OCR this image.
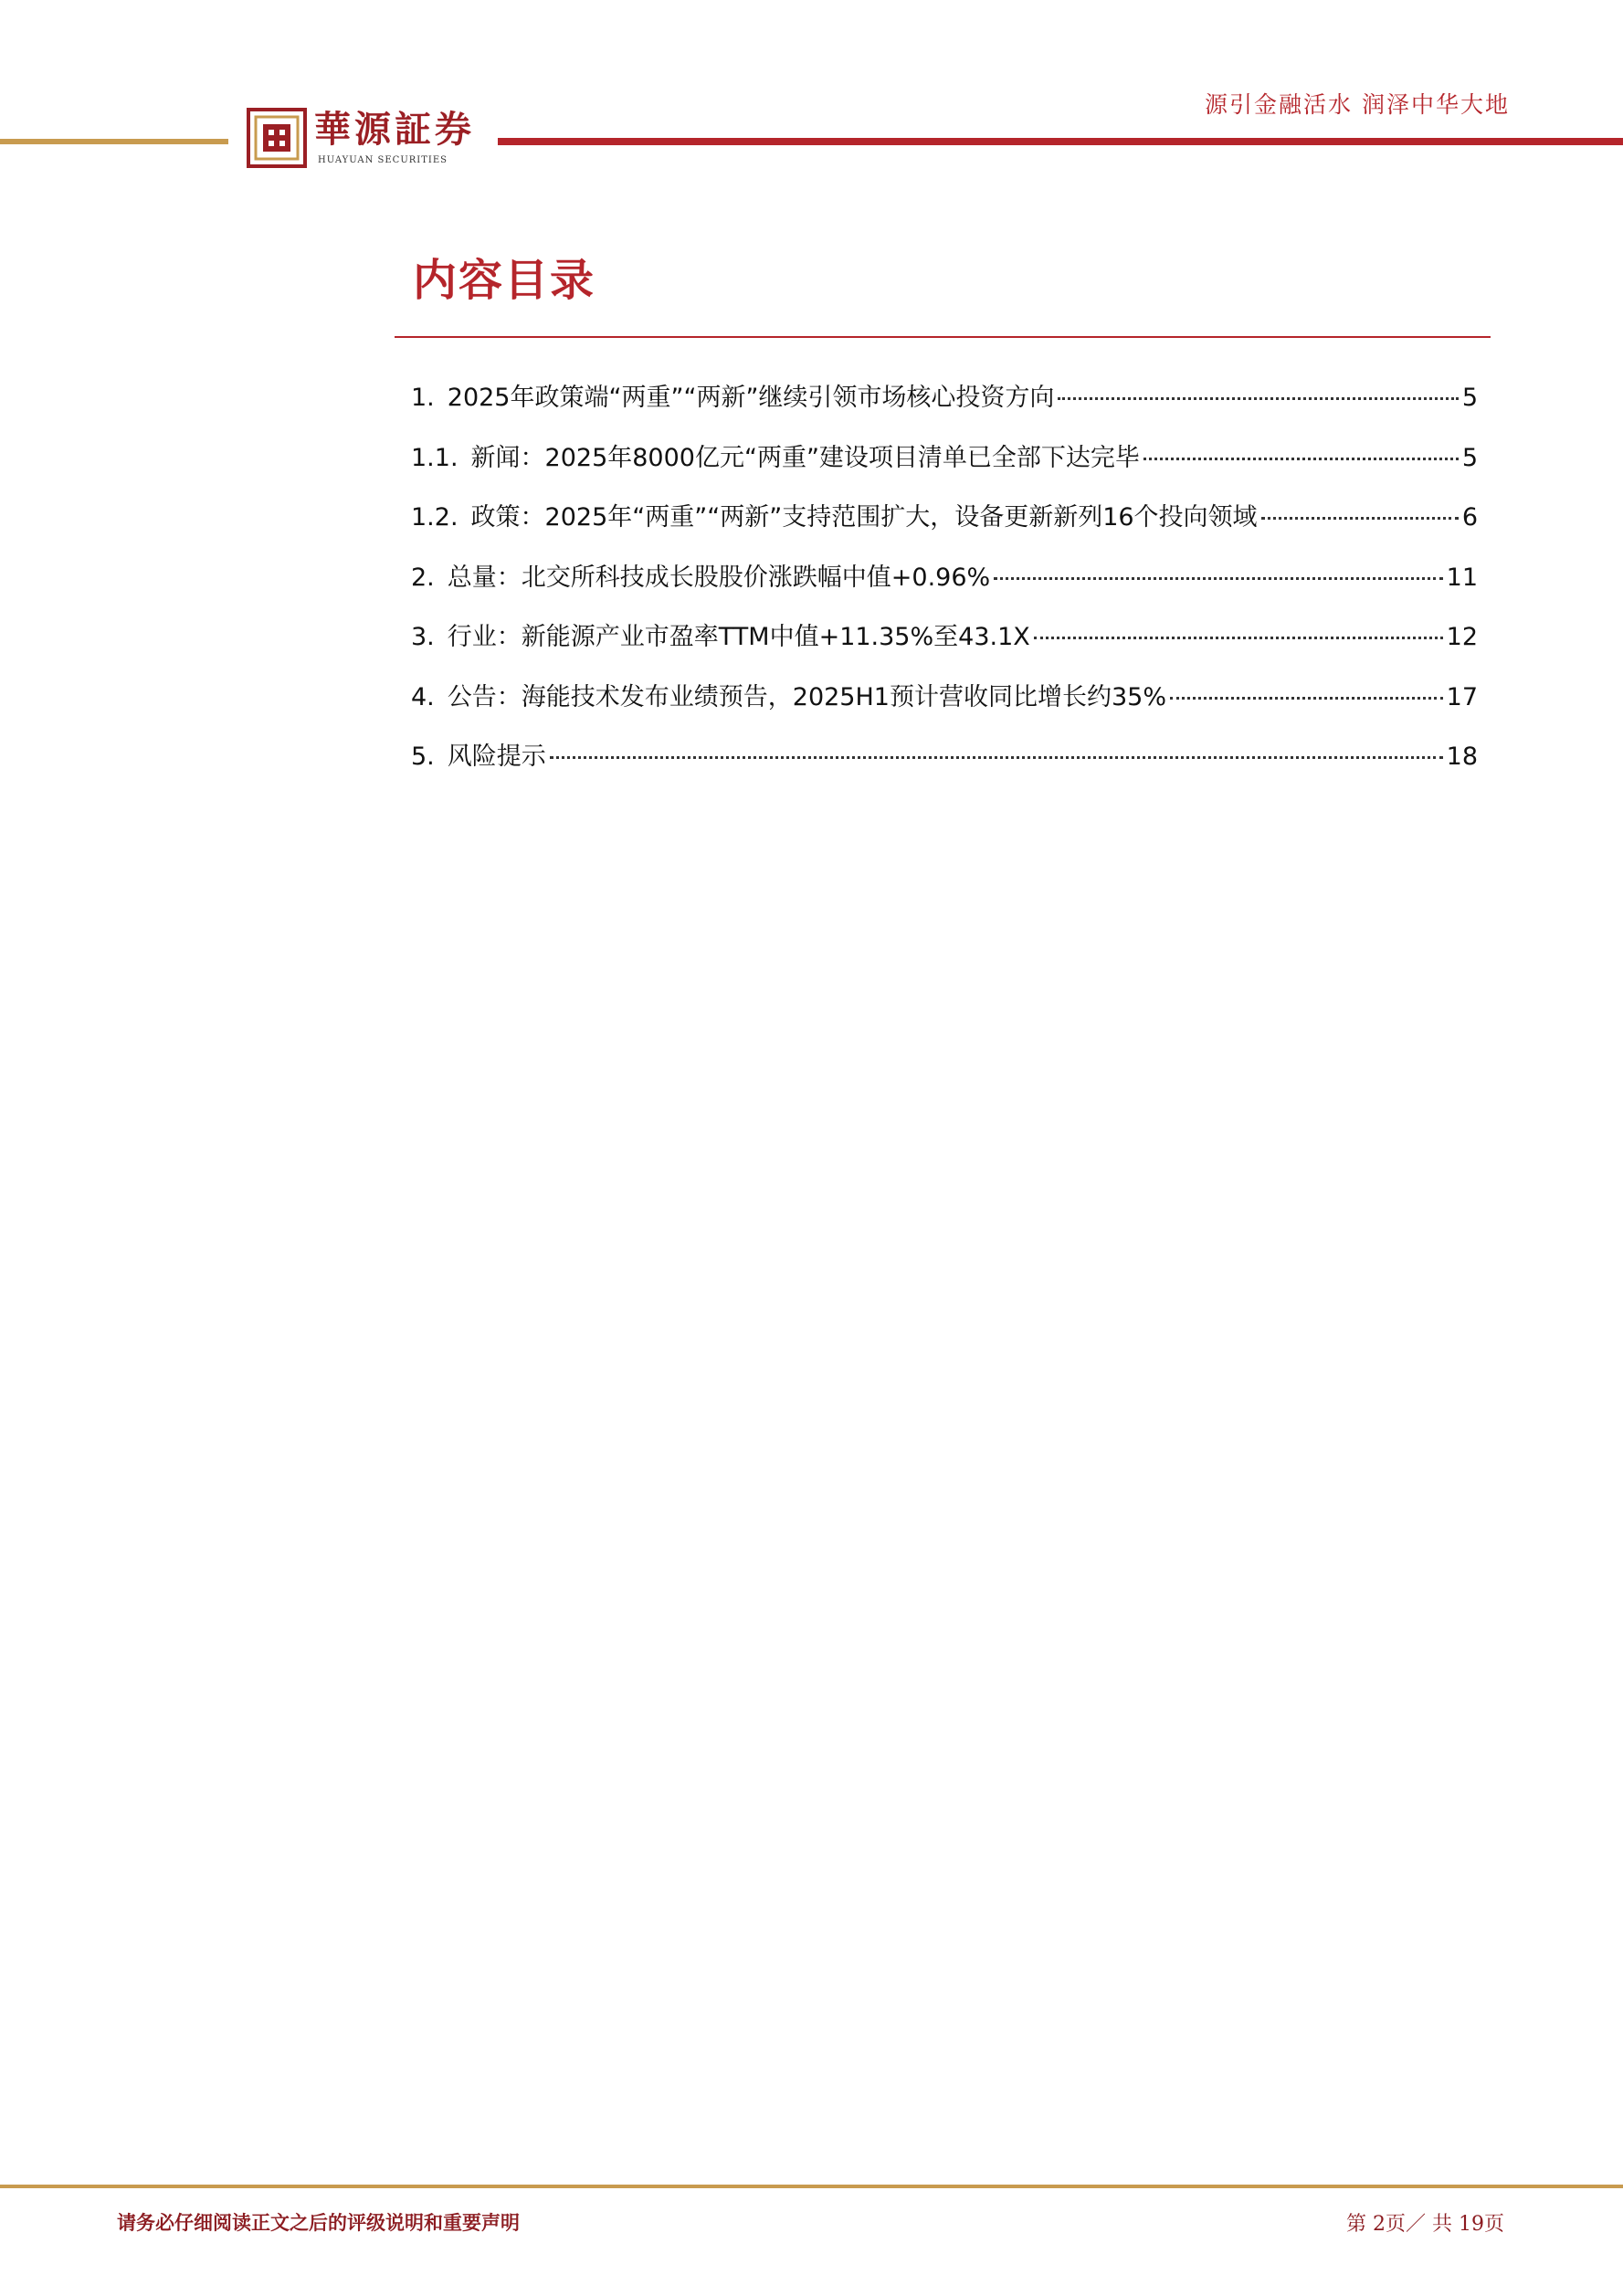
源引金融活水 润泽中华大地
華源証券
HUAYUAN SECURITIES
内容目录
1. 2025年政策端“两重”“两新”继续引领市场核心投资方向	5
1.1. 新闻：2025年8000亿元“两重”建设项目清单已全部下达完毕	5
1.2. 政策：2025年“两重”“两新”支持范围扩大，设备更新新列16个投向领域	6
2. 总量：北交所科技成长股股价涨跌幅中值+0.96%	11
3. 行业：新能源产业市盈率TTM中值+11.35%至43.1X	12
4. 公告：海能技术发布业绩预告，2025H1预计营收同比增长约35%	17
5. 风险提示	18
请务必仔细阅读正文之后的评级说明和重要声明	第 2页／ 共 19页
